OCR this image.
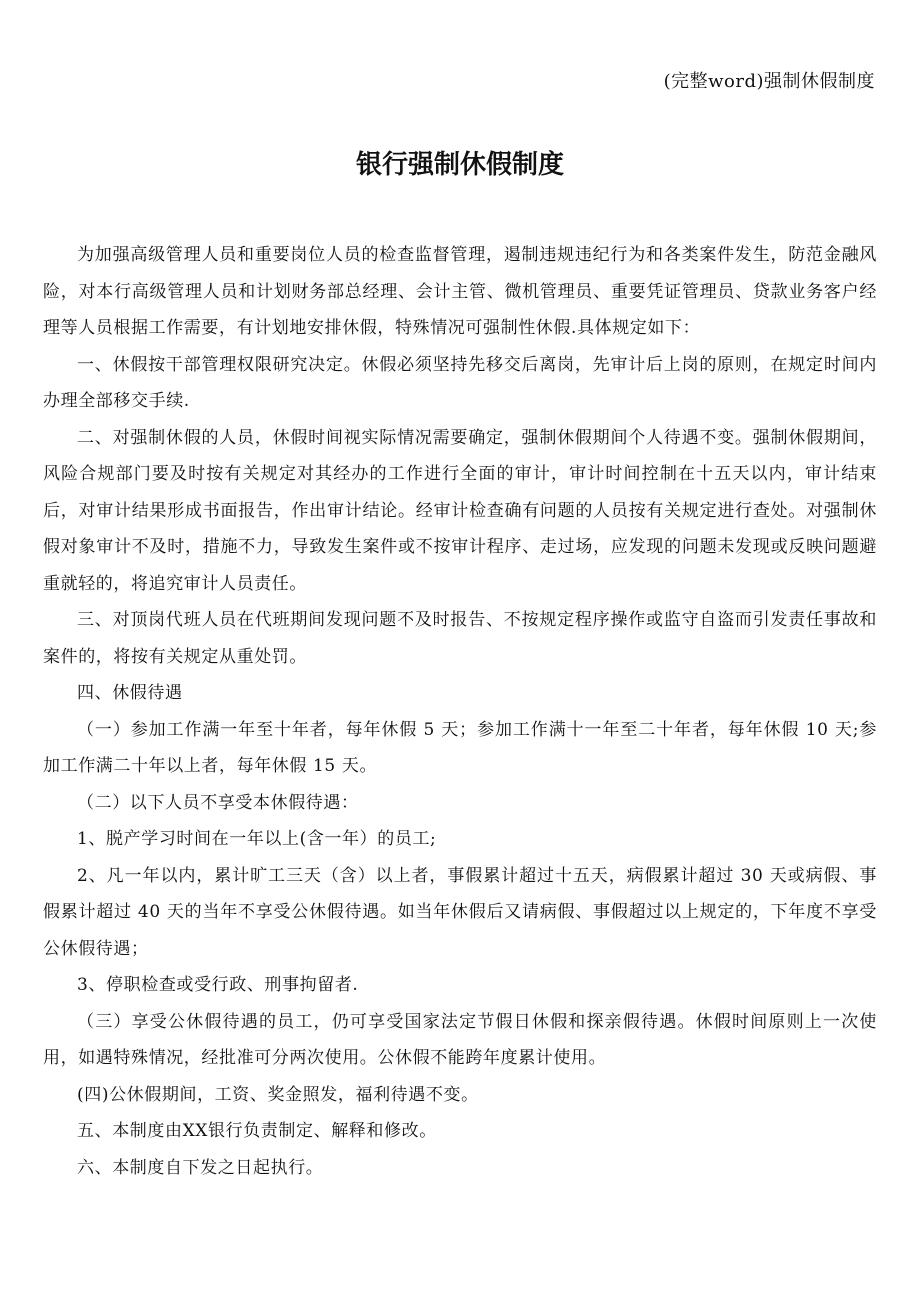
(完整word)强制休假制度
银行强制休假制度

为加强高级管理人员和重要岗位人员的检查监督管理，遏制违规违纪行为和各类案件发生，防范金融风险，对本行高级管理人员和计划财务部总经理、会计主管、微机管理员、重要凭证管理员、贷款业务客户经理等人员根据工作需要，有计划地安排休假，特殊情况可强制性休假.具体规定如下：

一、休假按干部管理权限研究决定。休假必须坚持先移交后离岗，先审计后上岗的原则，在规定时间内办理全部移交手续.

二、对强制休假的人员，休假时间视实际情况需要确定，强制休假期间个人待遇不变。强制休假期间，风险合规部门要及时按有关规定对其经办的工作进行全面的审计，审计时间控制在十五天以内，审计结束后，对审计结果形成书面报告，作出审计结论。经审计检查确有问题的人员按有关规定进行查处。对强制休假对象审计不及时，措施不力，导致发生案件或不按审计程序、走过场，应发现的问题未发现或反映问题避重就轻的，将追究审计人员责任。

三、对顶岗代班人员在代班期间发现问题不及时报告、不按规定程序操作或监守自盗而引发责任事故和案件的，将按有关规定从重处罚。

四、休假待遇

（一）参加工作满一年至十年者，每年休假 5 天；参加工作满十一年至二十年者，每年休假 10 天;参加工作满二十年以上者，每年休假 15 天。

（二）以下人员不享受本休假待遇：

1、脱产学习时间在一年以上(含一年）的员工;

2、凡一年以内，累计旷工三天（含）以上者，事假累计超过十五天，病假累计超过 30 天或病假、事假累计超过 40 天的当年不享受公休假待遇。如当年休假后又请病假、事假超过以上规定的，下年度不享受公休假待遇；

3、停职检查或受行政、刑事拘留者.

（三）享受公休假待遇的员工，仍可享受国家法定节假日休假和探亲假待遇。休假时间原则上一次使用，如遇特殊情况，经批准可分两次使用。公休假不能跨年度累计使用。

(四)公休假期间，工资、奖金照发，福利待遇不变。

五、本制度由XX银行负责制定、解释和修改。

六、本制度自下发之日起执行。
